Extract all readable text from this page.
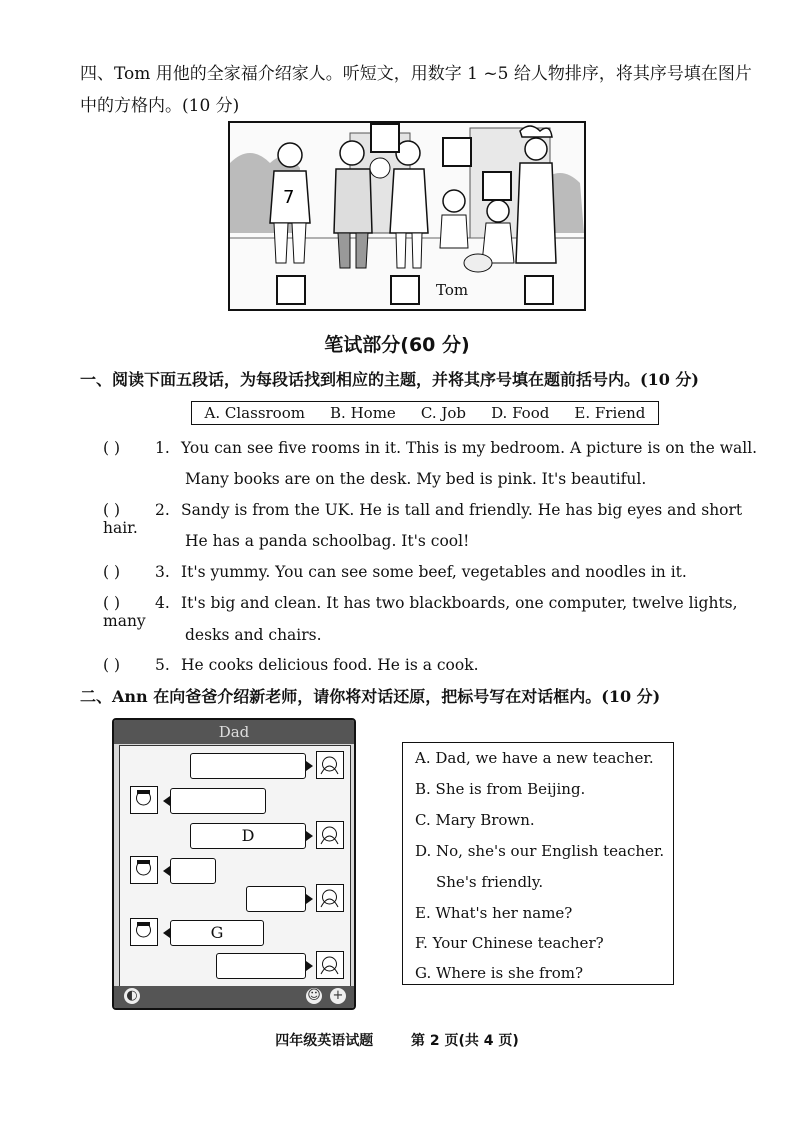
四、Tom 用他的全家福介绍家人。听短文，用数字 1 ~5 给人物排序，将其序号填在图片中的方格内。(10 分)
7
Tom
笔试部分(60 分)
一、阅读下面五段话，为每段话找到相应的主题，并将其序号填在题前括号内。(10 分)
A. Classroom B. Home C. Job D. Food E. Friend
( ) 1. You can see five rooms in it. This is my bedroom. A picture is on the wall.
Many books are on the desk. My bed is pink. It's beautiful.
( ) 2. Sandy is from the UK. He is tall and friendly. He has big eyes and short hair.
He has a panda schoolbag. It's cool!
( ) 3. It's yummy. You can see some beef, vegetables and noodles in it.
( ) 4. It's big and clean. It has two blackboards, one computer, twelve lights, many
desks and chairs.
( ) 5. He cooks delicious food. He is a cook.
二、Ann 在向爸爸介绍新老师，请你将对话还原，把标号写在对话框内。(10 分)
Dad
D
G
◐	☺ +
A. Dad, we have a new teacher.
B. She is from Beijing.
C. Mary Brown.
D. No, she's our English teacher.
She's friendly.
E. What's her name?
F. Your Chinese teacher?
G. Where is she from?
四年级英语试题	第 2 页(共 4 页)
